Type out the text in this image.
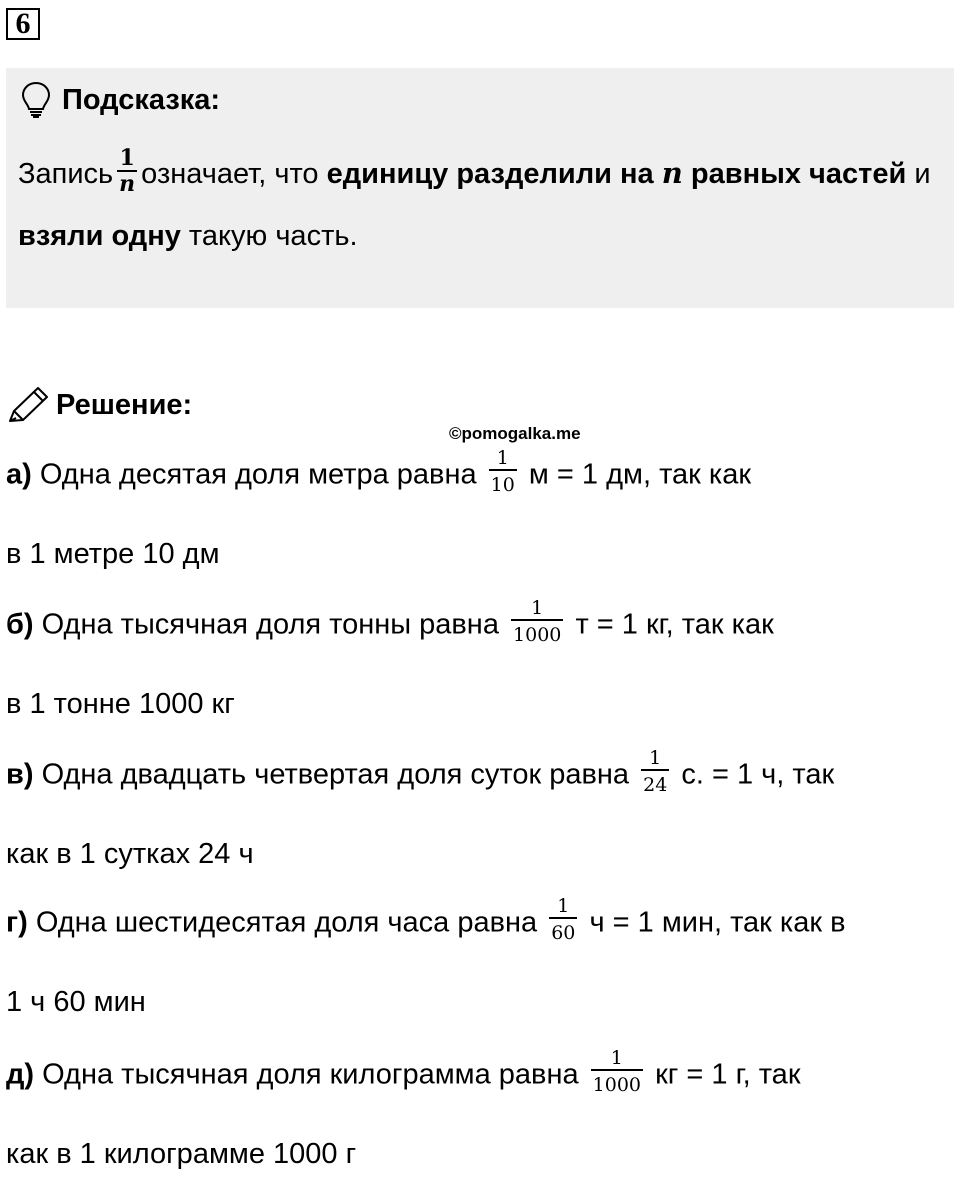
6
Подсказка:
Запись $\frac{1}{n}$ означает, что единицу разделили на n равных частей и взяли одну такую часть.
Решение:
©pomogalka.me
а) Одна десятая доля метра равна $\frac{1}{10}$ м = 1 дм, так как
в 1 метре 10 дм
б) Одна тысячная доля тонны равна $\frac{1}{1000}$ т = 1 кг, так как
в 1 тонне 1000 кг
в) Одна двадцать четвертая доля суток равна $\frac{1}{24} с$. = 1 ч, так
как в 1 сутках 24 ч
г) Одна шестидесятая доля часа равна $\frac{1}{60}$ ч = 1 мин, так как в
1 ч 60 мин
д) Одна тысячная доля килограмма равна $\frac{1}{1000}$ кг = 1 г, так
как в 1 килограмме 1000 г
